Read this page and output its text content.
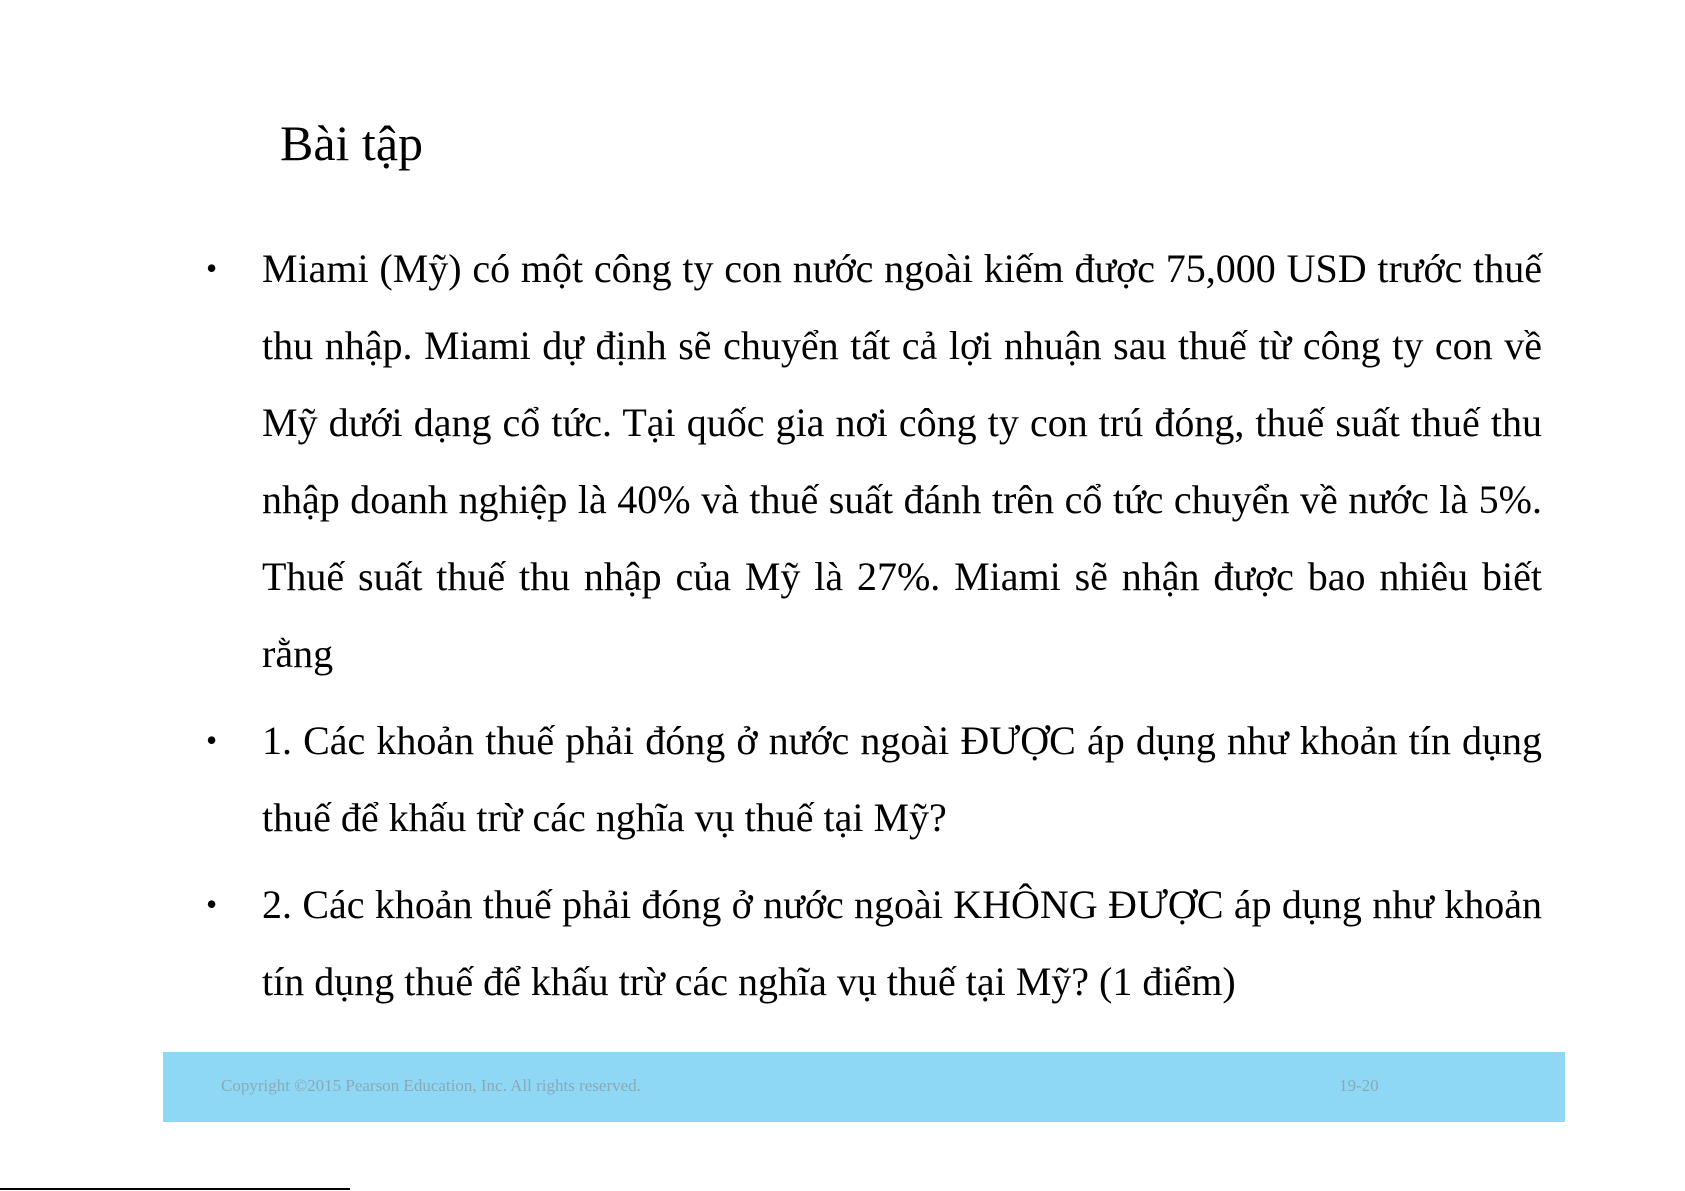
Bài tập
• Miami (Mỹ) có một công ty con nước ngoài kiếm được 75,000 USD trước thuế thu nhập. Miami dự định sẽ chuyển tất cả lợi nhuận sau thuế từ công ty con về Mỹ dưới dạng cổ tức. Tại quốc gia nơi công ty con trú đóng, thuế suất thuế thu nhập doanh nghiệp là 40% và thuế suất đánh trên cổ tức chuyển về nước là 5%. Thuế suất thuế thu nhập của Mỹ là 27%. Miami sẽ nhận được bao nhiêu biết rằng
• 1. Các khoản thuế phải đóng ở nước ngoài ĐƯỢC áp dụng như khoản tín dụng thuế để khấu trừ các nghĩa vụ thuế tại Mỹ?
• 2. Các khoản thuế phải đóng ở nước ngoài KHÔNG ĐƯỢC áp dụng như khoản tín dụng thuế để khấu trừ các nghĩa vụ thuế tại Mỹ? (1 điểm)
Copyright ©2015 Pearson Education, Inc. All rights reserved.	19-20
